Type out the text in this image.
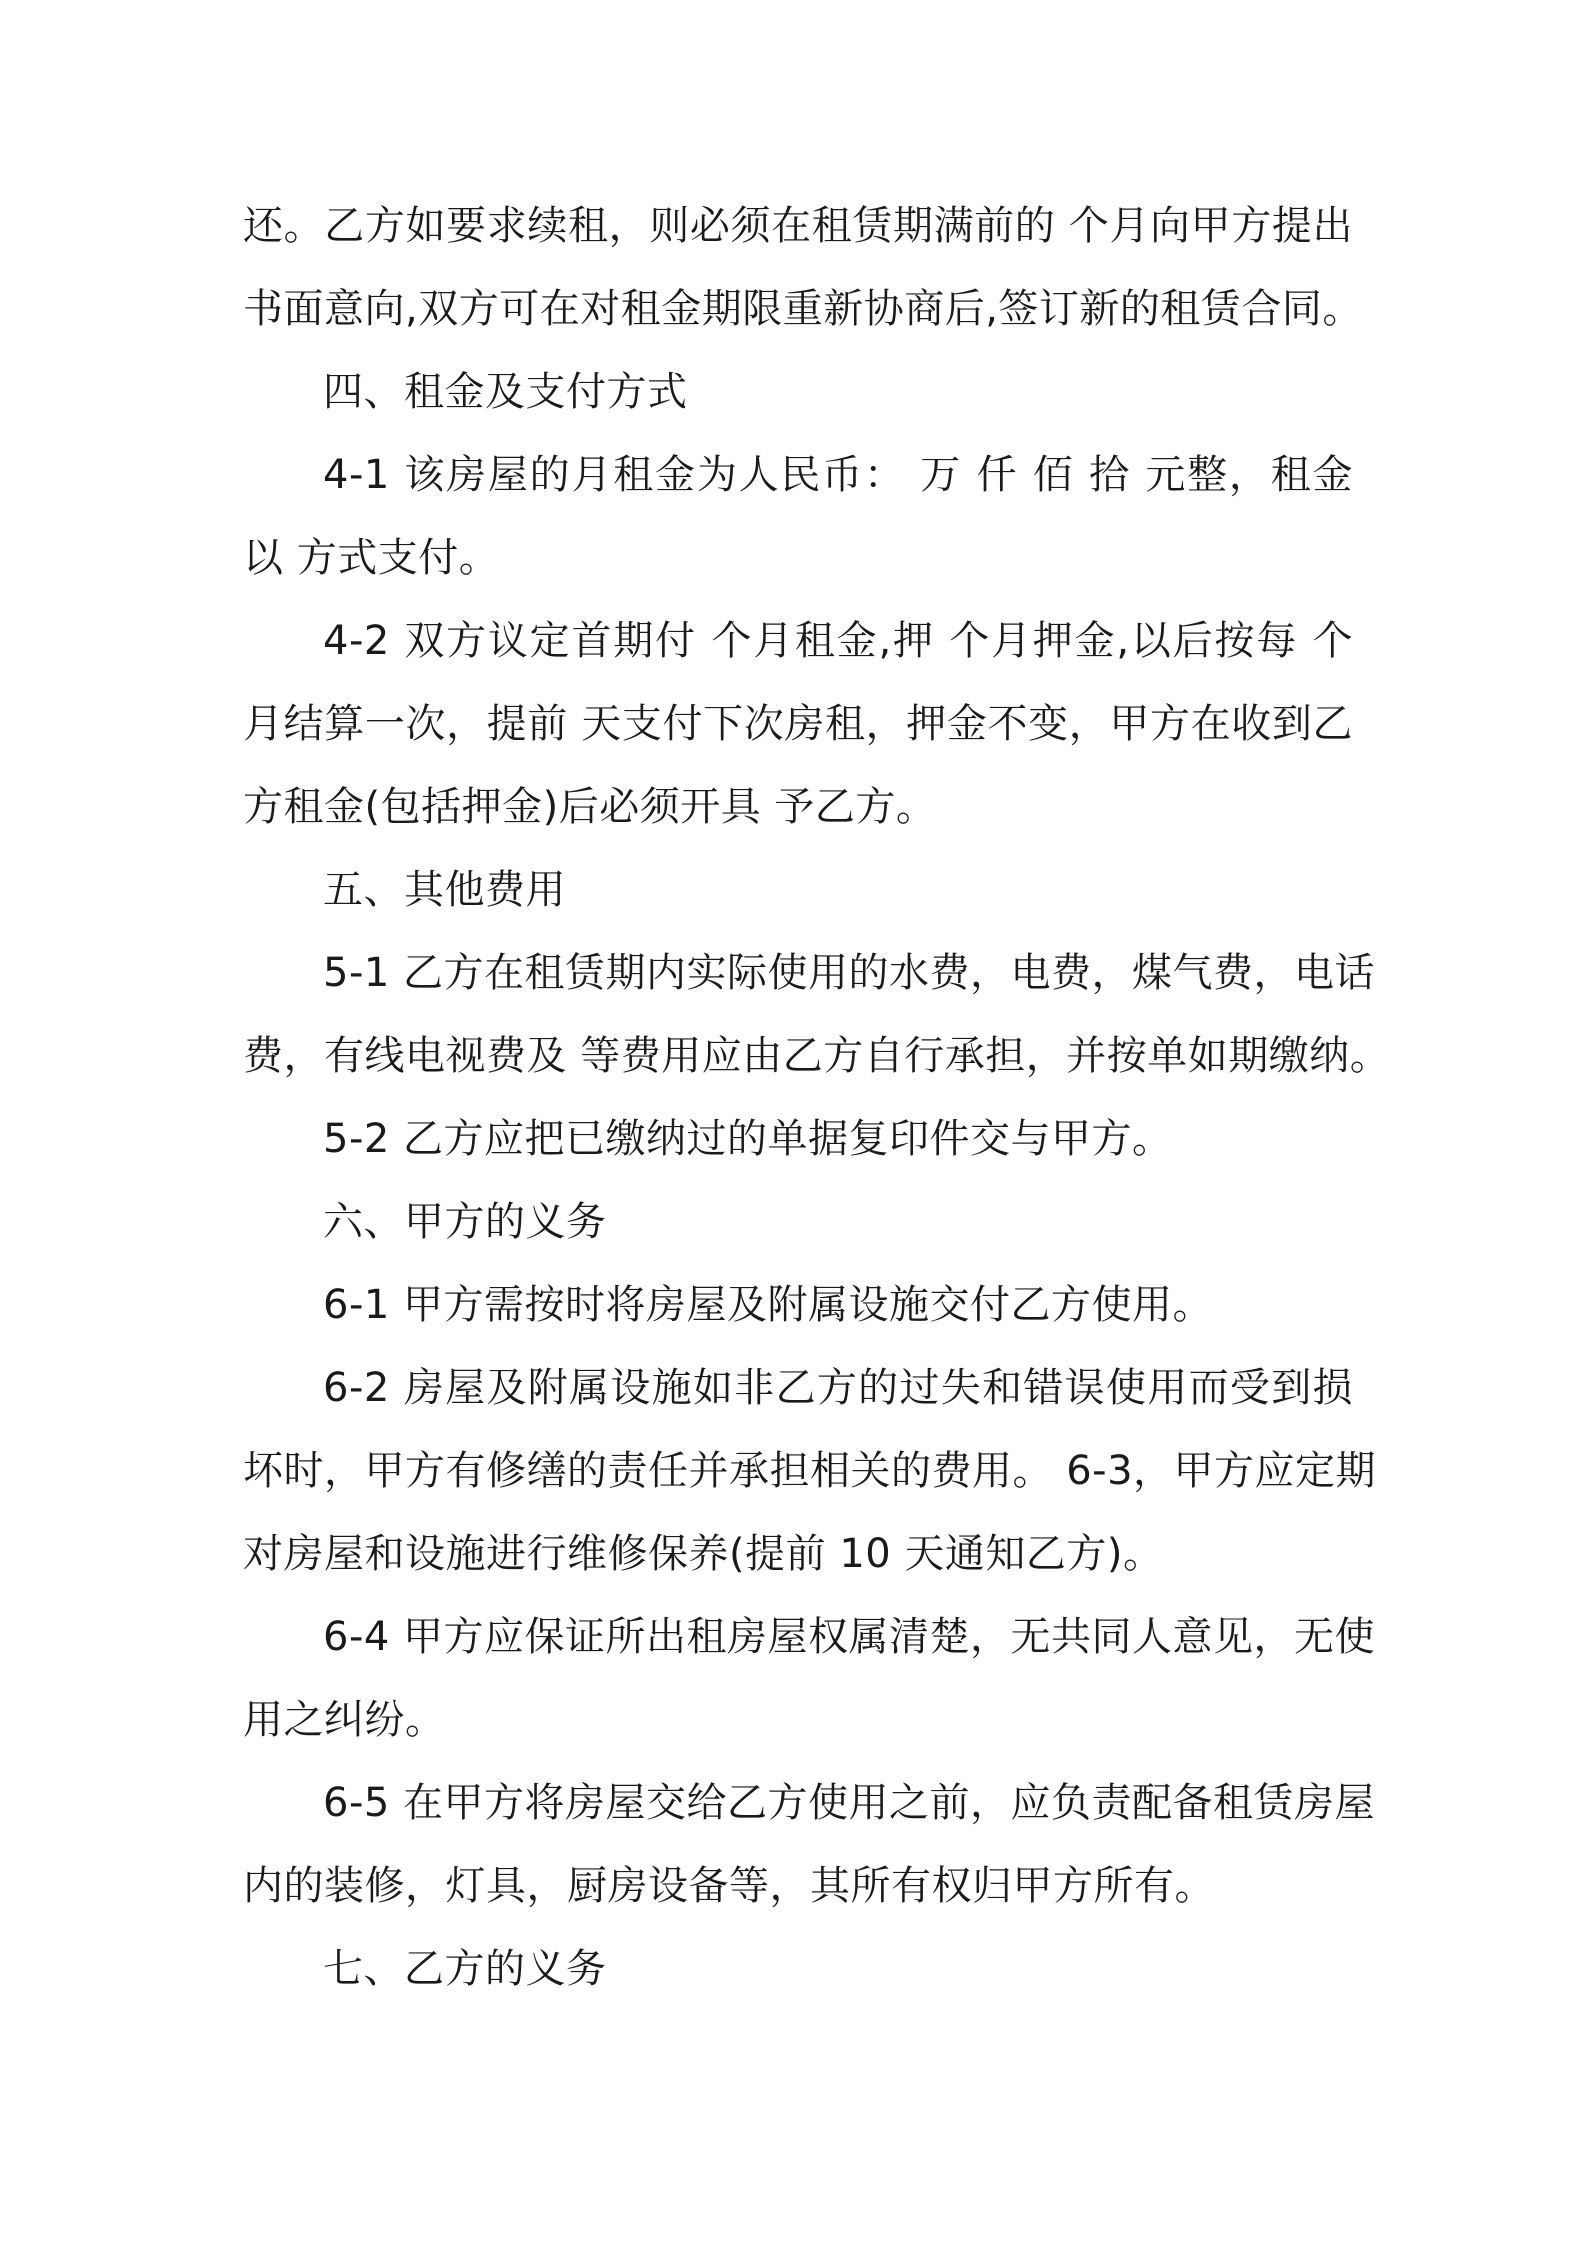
还。乙方如要求续租，则必须在租赁期满前的 个月向甲方提出
书面意向,双方可在对租金期限重新协商后,签订新的租赁合同。
四、租金及支付方式
4-1 该房屋的月租金为人民币： 万 仟 佰 拾 元整，租金
以 方式支付。
4-2 双方议定首期付 个月租金,押 个月押金,以后按每 个
月结算一次，提前 天支付下次房租，押金不变，甲方在收到乙
方租金(包括押金)后必须开具 予乙方。
五、其他费用
5-1 乙方在租赁期内实际使用的水费，电费，煤气费，电话
费，有线电视费及 等费用应由乙方自行承担，并按单如期缴纳。
5-2 乙方应把已缴纳过的单据复印件交与甲方。
六、甲方的义务
6-1 甲方需按时将房屋及附属设施交付乙方使用。
6-2 房屋及附属设施如非乙方的过失和错误使用而受到损
坏时，甲方有修缮的责任并承担相关的费用。 6-3，甲方应定期
对房屋和设施进行维修保养(提前 10 天通知乙方)。
6-4 甲方应保证所出租房屋权属清楚，无共同人意见，无使
用之纠纷。
6-5 在甲方将房屋交给乙方使用之前，应负责配备租赁房屋
内的装修，灯具，厨房设备等，其所有权归甲方所有。
七、乙方的义务
